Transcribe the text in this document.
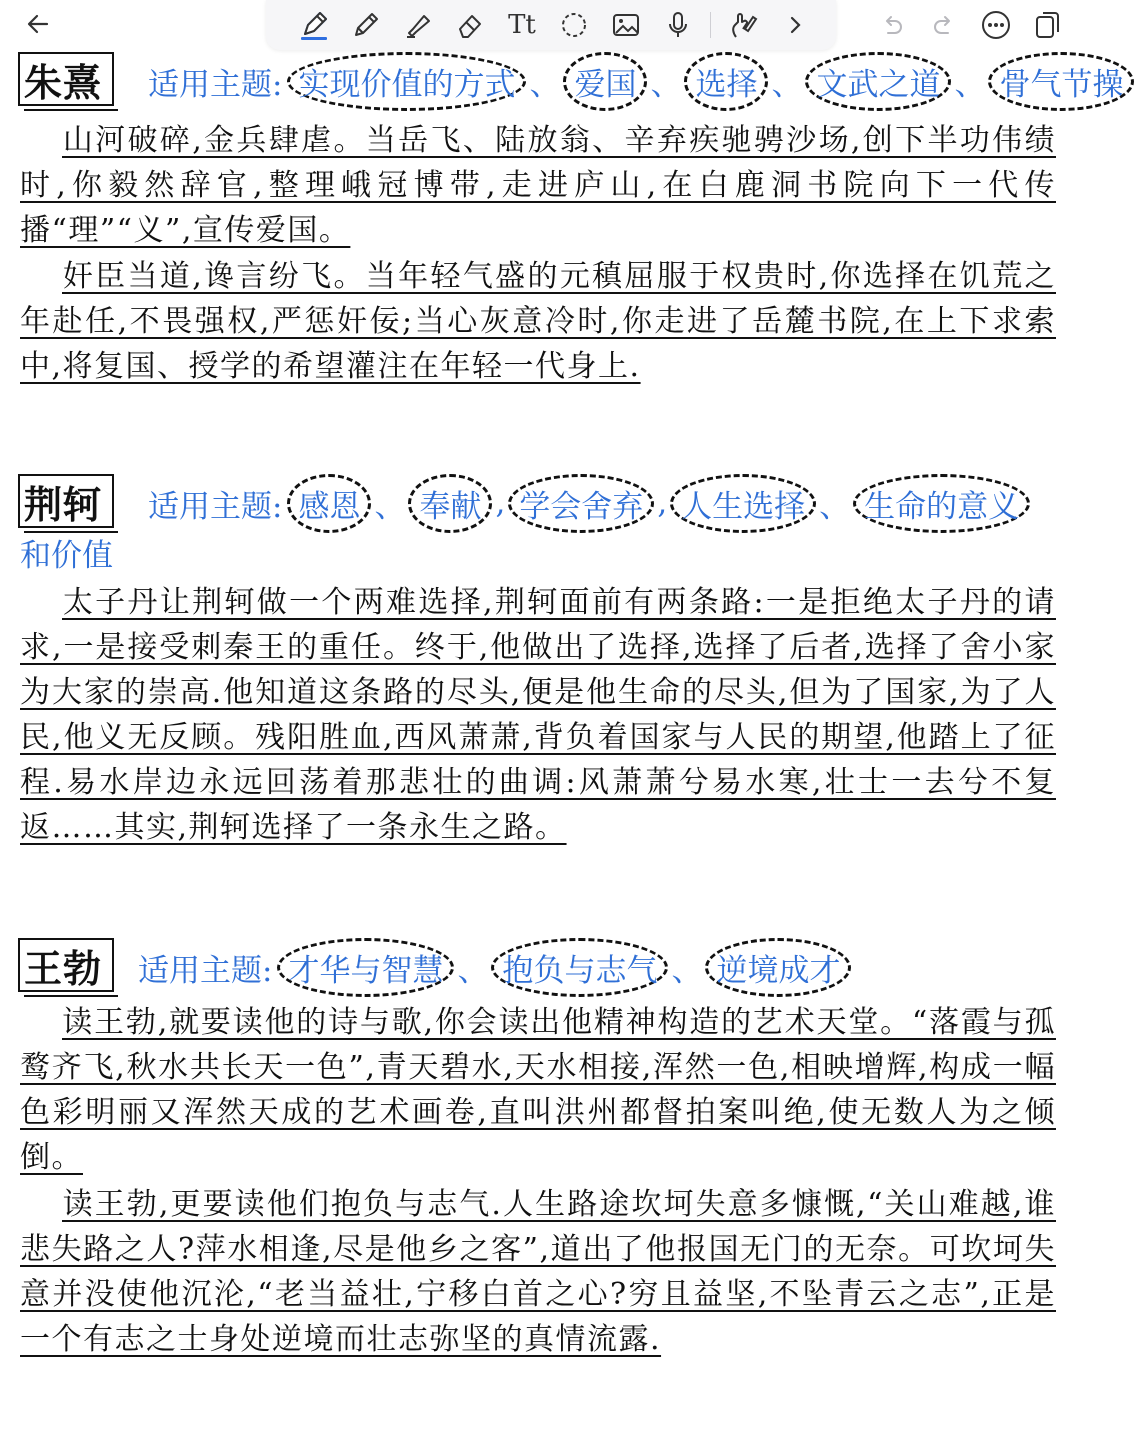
Tt
朱熹	适用主题: 实现价值的方式 、 爱国 、 选择 、 文武之道 、 骨气节操

山河破碎,金兵肆虐。当岳飞、陆放翁、辛弃疾驰骋沙场,创下半功伟绩时,你毅然辞官,整理峨冠博带,走进庐山,在白鹿洞书院向下一代传播“理”“义”,宣传爱国。

奸臣当道,谗言纷飞。当年轻气盛的元稹屈服于权贵时,你选择在饥荒之年赴任,不畏强权,严惩奸佞;当心灰意冷时,你走进了岳麓书院,在上下求索中,将复国、授学的希望灌注在年轻一代身上.

荆轲	适用主题: 感恩 、 奉献 , 学会舍弃 , 人生选择 、 生命的意义
和价值

太子丹让荆轲做一个两难选择,荆轲面前有两条路:一是拒绝太子丹的请求,一是接受刺秦王的重任。终于,他做出了选择,选择了后者,选择了舍小家为大家的崇高.他知道这条路的尽头,便是他生命的尽头,但为了国家,为了人民,他义无反顾。残阳胜血,西风萧萧,背负着国家与人民的期望,他踏上了征程.易水岸边永远回荡着那悲壮的曲调:风萧萧兮易水寒,壮士一去兮不复返……其实,荆轲选择了一条永生之路。

王勃	适用主题: 才华与智慧 、 抱负与志气 、 逆境成才

读王勃,就要读他的诗与歌,你会读出他精神构造的艺术天堂。“落霞与孤鹜齐飞,秋水共长天一色”,青天碧水,天水相接,浑然一色,相映增辉,构成一幅色彩明丽又浑然天成的艺术画卷,直叫洪州都督拍案叫绝,使无数人为之倾倒。

读王勃,更要读他们抱负与志气.人生路途坎坷失意多慷慨,“关山难越,谁悲失路之人?萍水相逢,尽是他乡之客”,道出了他报国无门的无奈。可坎坷失意并没使他沉沦,“老当益壮,宁移白首之心?穷且益坚,不坠青云之志”,正是一个有志之士身处逆境而壮志弥坚的真情流露.
